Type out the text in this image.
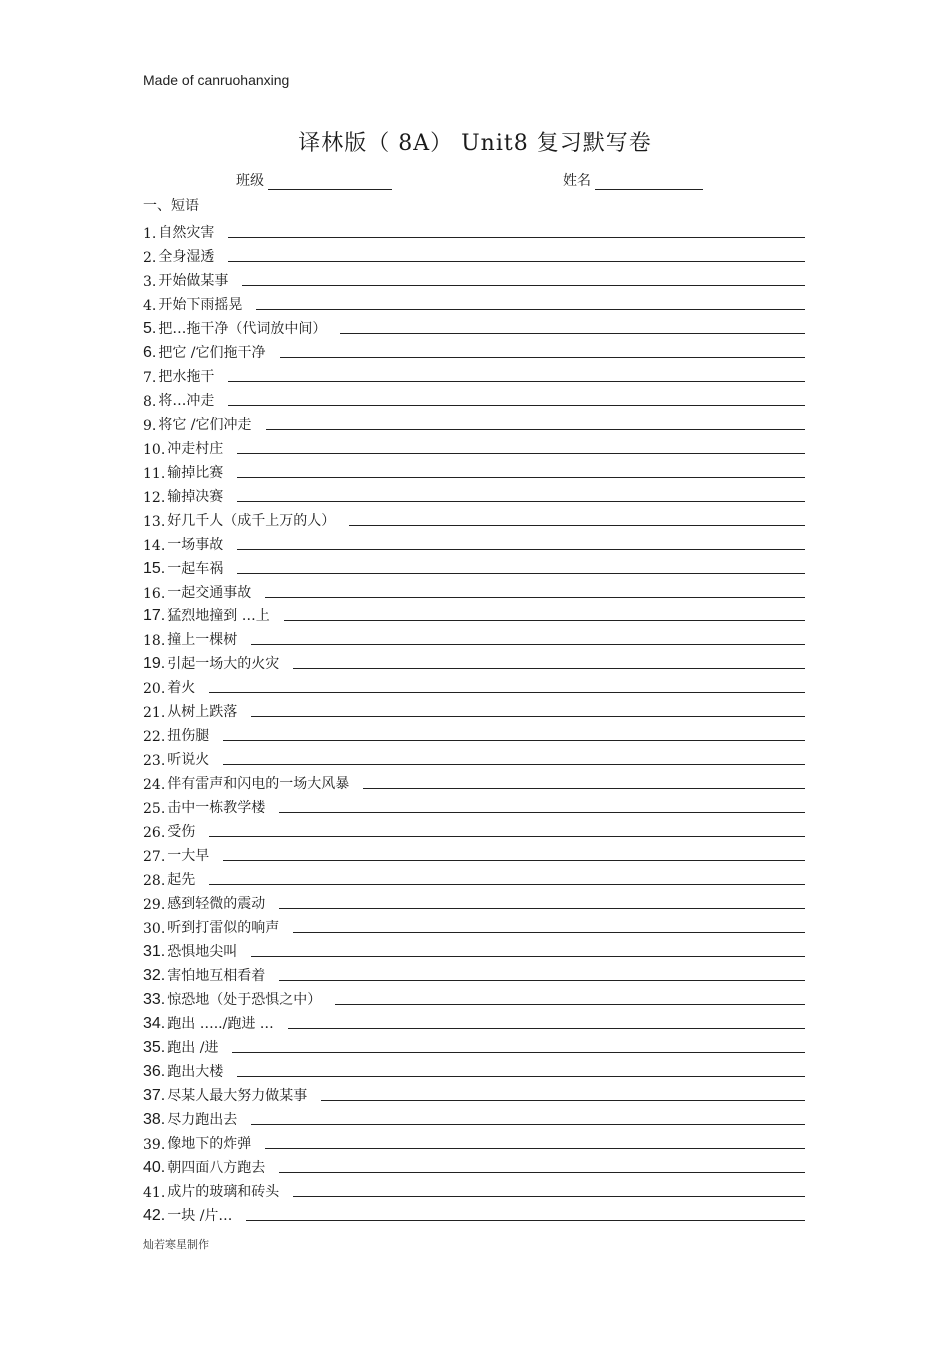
Made of canruohanxing
译林版（ 8A） Unit8 复习默写卷
班级	姓名
一、短语
1. 自然灾害
2. 全身湿透
3. 开始做某事
4. 开始下雨摇晃
5. 把…拖干净（代词放中间）
6. 把它 /它们拖干净
7. 把水拖干
8. 将…冲走
9. 将它 /它们冲走
10. 冲走村庄
11. 输掉比赛
12. 输掉决赛
13. 好几千人（成千上万的人）
14. 一场事故
15. 一起车祸
16. 一起交通事故
17. 猛烈地撞到 …上
18. 撞上一棵树
19. 引起一场大的火灾
20. 着火
21. 从树上跌落
22. 扭伤腿
23. 听说火
24. 伴有雷声和闪电的一场大风暴
25. 击中一栋教学楼
26. 受伤
27. 一大早
28. 起先
29. 感到轻微的震动
30. 听到打雷似的响声
31. 恐惧地尖叫
32. 害怕地互相看着
33. 惊恐地（处于恐惧之中）
34. 跑出 …../跑进 …
35. 跑出 /进
36. 跑出大楼
37. 尽某人最大努力做某事
38. 尽力跑出去
39. 像地下的炸弹
40. 朝四面八方跑去
41. 成片的玻璃和砖头
42. 一块 /片…
灿若寒星制作
